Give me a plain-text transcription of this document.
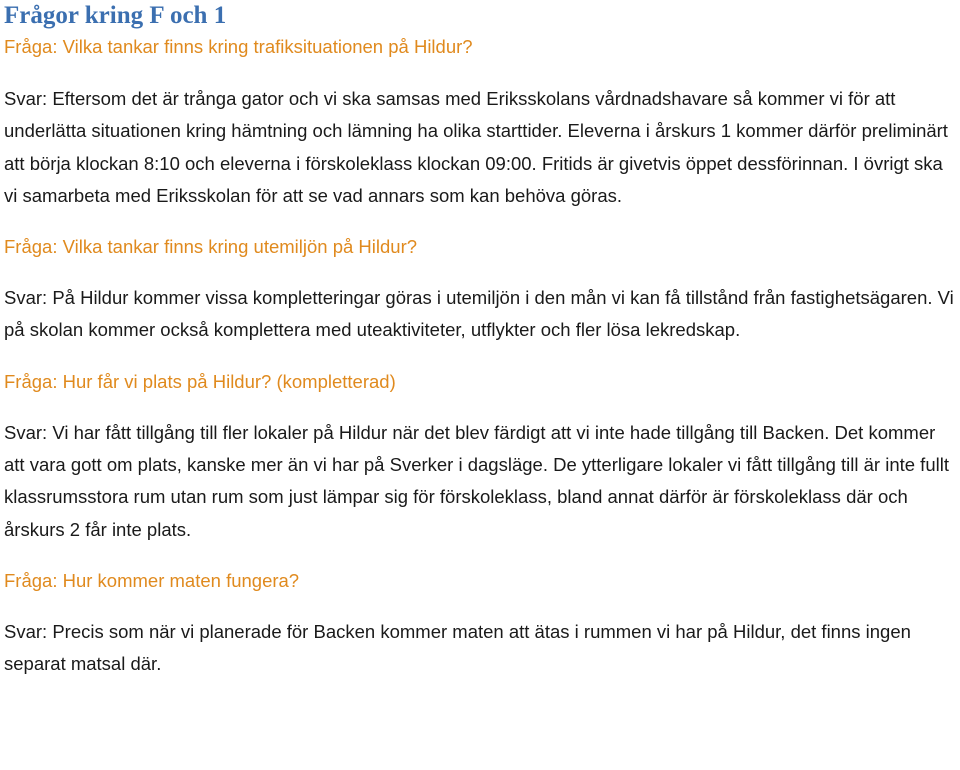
Frågor kring F och 1

Fråga: Vilka tankar finns kring trafiksituationen på Hildur?

Svar: Eftersom det är trånga gator och vi ska samsas med Eriksskolans vårdnadshavare så kommer vi för att underlätta situationen kring hämtning och lämning ha olika starttider. Eleverna i årskurs 1 kommer därför preliminärt att börja klockan 8:10 och eleverna i förskoleklass klockan 09:00. Fritids är givetvis öppet dessförinnan. I övrigt ska vi samarbeta med Eriksskolan för att se vad annars som kan behöva göras.

Fråga: Vilka tankar finns kring utemiljön på Hildur?

Svar: På Hildur kommer vissa kompletteringar göras i utemiljön i den mån vi kan få tillstånd från fastighetsägaren. Vi på skolan kommer också komplettera med uteaktiviteter, utflykter och fler lösa lekredskap.

Fråga: Hur får vi plats på Hildur? (kompletterad)

Svar: Vi har fått tillgång till fler lokaler på Hildur när det blev färdigt att vi inte hade tillgång till Backen. Det kommer att vara gott om plats, kanske mer än vi har på Sverker i dagsläge. De ytterligare lokaler vi fått tillgång till är inte fullt klassrumsstora rum utan rum som just lämpar sig för förskoleklass, bland annat därför är förskoleklass där och årskurs 2 får inte plats.

Fråga: Hur kommer maten fungera?

Svar: Precis som när vi planerade för Backen kommer maten att ätas i rummen vi har på Hildur, det finns ingen separat matsal där.
